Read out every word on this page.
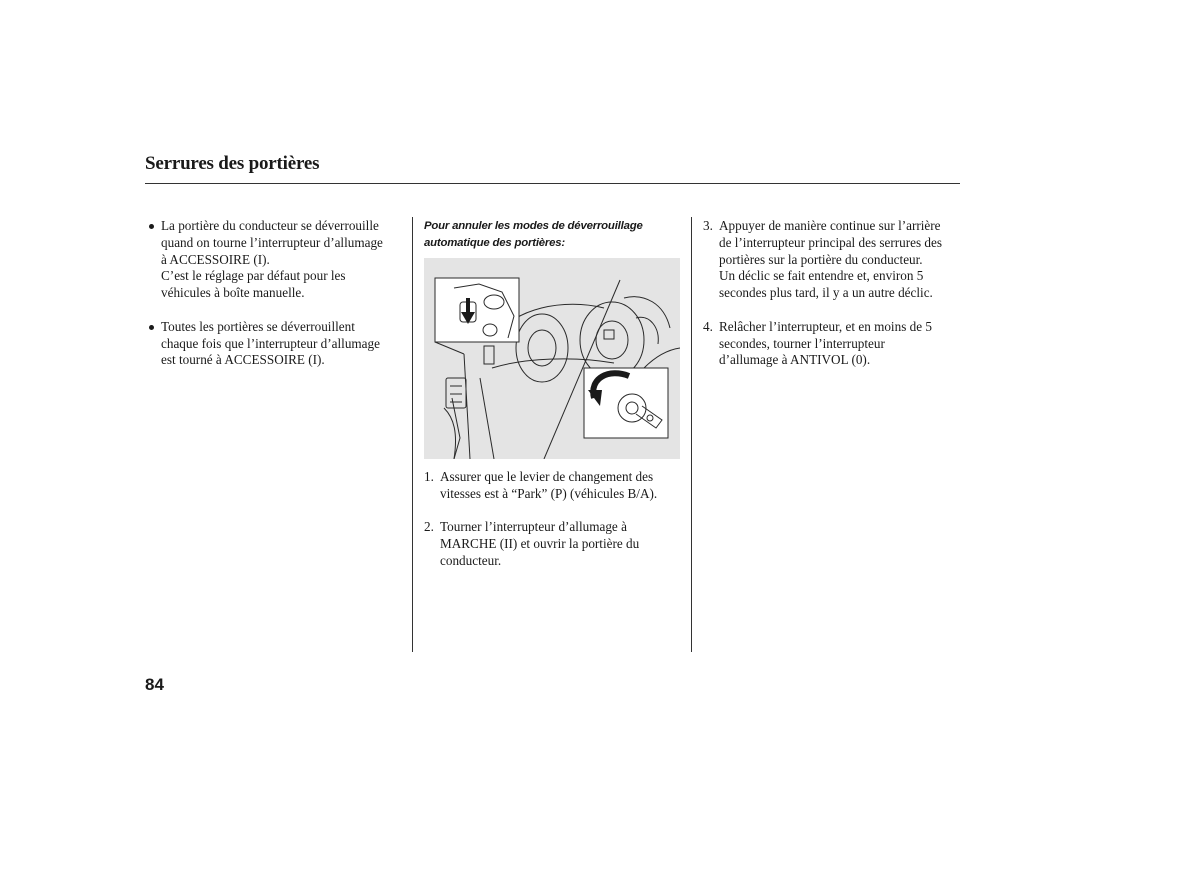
Serrures des portières
La portière du conducteur se déverrouille
quand on tourne l’interrupteur d’allumage
à ACCESSOIRE (I).
C’est le réglage par défaut pour les
véhicules à boîte manuelle.
Toutes les portières se déverrouillent
chaque fois que l’interrupteur d’allumage
est tourné à ACCESSOIRE (I).
Pour annuler les modes de déverrouillage
automatique des portières:
1. Assurer que le levier de changement des
vitesses est à “Park” (P) (véhicules B/A).
2. Tourner l’interrupteur d’allumage à
MARCHE (II) et ouvrir la portière du
conducteur.
3. Appuyer de manière continue sur l’arrière
de l’interrupteur principal des serrures des
portières sur la portière du conducteur.
Un déclic se fait entendre et, environ 5
secondes plus tard, il y a un autre déclic.
4. Relâcher l’interrupteur, et en moins de 5
secondes, tourner l’interrupteur
d’allumage à ANTIVOL (0).
84
